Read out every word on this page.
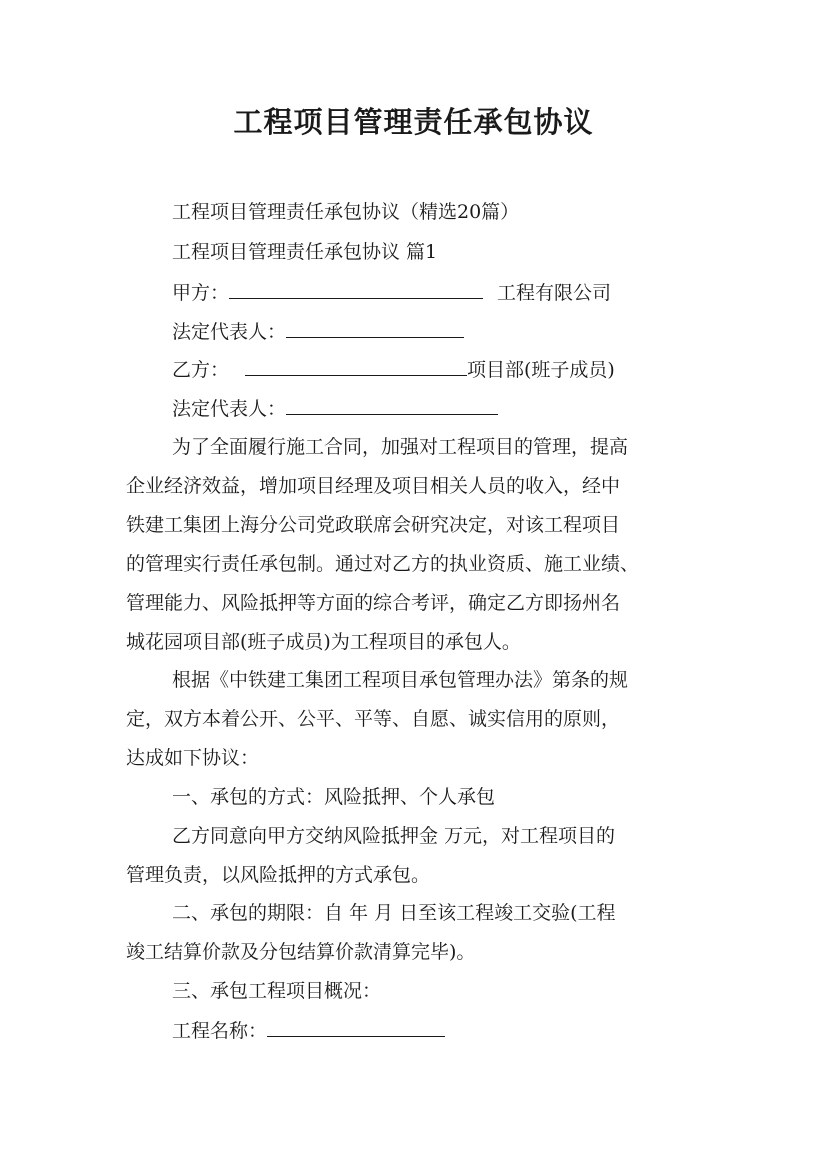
工程项目管理责任承包协议
工程项目管理责任承包协议（精选20篇）
工程项目管理责任承包协议 篇1
甲方：	工程有限公司
法定代表人：
乙方：	项目部(班子成员)
法定代表人：
为了全面履行施工合同，加强对工程项目的管理，提高
企业经济效益，增加项目经理及项目相关人员的收入，经中
铁建工集团上海分公司党政联席会研究决定，对该工程项目
的管理实行责任承包制。通过对乙方的执业资质、施工业绩、
管理能力、风险抵押等方面的综合考评，确定乙方即扬州名
城花园项目部(班子成员)为工程项目的承包人。
根据《中铁建工集团工程项目承包管理办法》第条的规
定，双方本着公开、公平、平等、自愿、诚实信用的原则，
达成如下协议：
一、承包的方式：风险抵押、个人承包
乙方同意向甲方交纳风险抵押金 万元，对工程项目的
管理负责，以风险抵押的方式承包。
二、承包的期限：自 年 月 日至该工程竣工交验(工程
竣工结算价款及分包结算价款清算完毕)。
三、承包工程项目概况：
工程名称：
